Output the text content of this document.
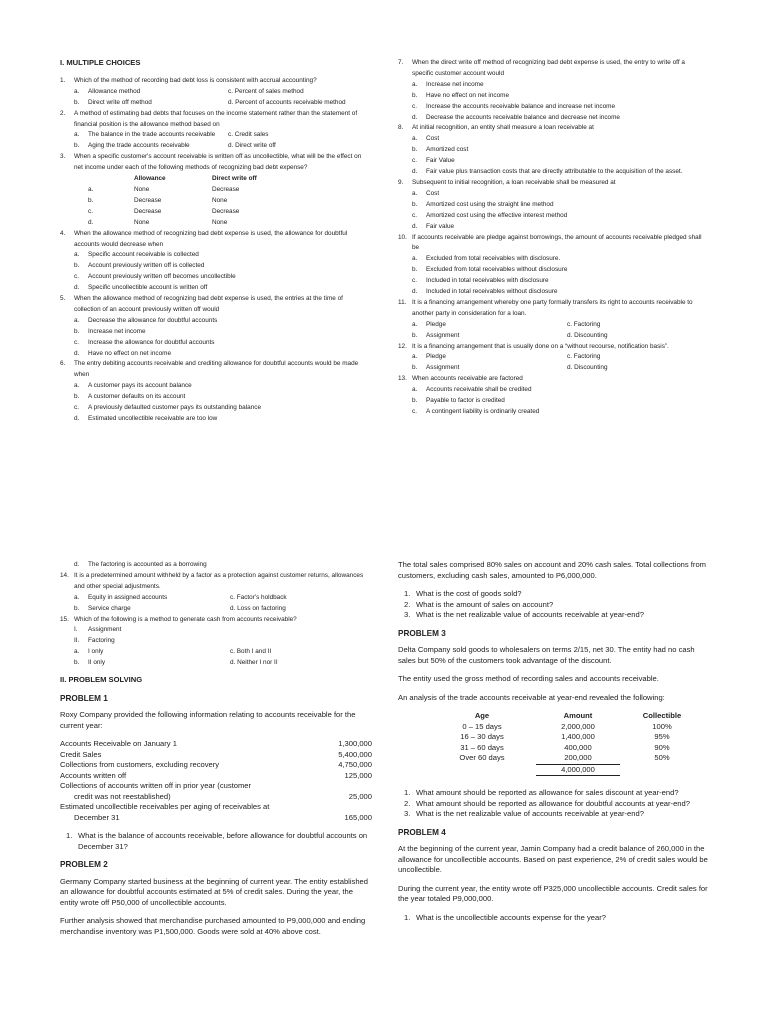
I. MULTIPLE CHOICES
1.	Which of the method of recording bad debt loss is consistent with accrual accounting?
a.	Allowance method	c. Percent of sales method
b.	Direct write off method	d. Percent of accounts receivable method
2.	A method of estimating bad debts that focuses on the income statement rather than the statement of financial position is the allowance method based on
a.	The balance in the trade accounts receivable	c. Credit sales
b.	Aging the trade accounts receivable	d. Direct write off
3.	When a specific customer's account receivable is written off as uncollectible, what will be the effect on net income under each of the following methods of recognizing bad debt expense?
Allowance	Direct write off
a.	None	Decrease
b.	Decrease	None
c.	Decrease	Decrease
d.	None	None
4.	When the allowance method of recognizing bad debt expense is used, the allowance for doubtful accounts would decrease when
a.	Specific account receivable is collected
b.	Account previously written off is collected
c.	Account previously written off becomes uncollectible
d.	Specific uncollectible account is written off
5.	When the allowance method of recognizing bad debt expense is used, the entries at the time of collection of an account previously written off would
a.	Decrease the allowance for doubtful accounts
b.	Increase net income
c.	Increase the allowance for doubtful accounts
d.	Have no effect on net income
6.	The entry debiting accounts receivable and crediting allowance for doubtful accounts would be made when
a.	A customer pays its account balance
b.	A customer defaults on its account
c.	A previously defaulted customer pays its outstanding balance
d.	Estimated uncollectible receivable are too low
7.	When the direct write off method of recognizing bad debt expense is used, the entry to write off a specific customer account would
a.	Increase net income
b.	Have no effect on net income
c.	Increase the accounts receivable balance and increase net income
d.	Decrease the accounts receivable balance and decrease net income
8.	At initial recognition, an entity shall measure a loan receivable at
a.	Cost
b.	Amortized cost
c.	Fair Value
d.	Fair value plus transaction costs that are directly attributable to the acquisition of the asset.
9.	Subsequent to initial recognition, a loan receivable shall be measured at
a.	Cost
b.	Amortized cost using the straight line method
c.	Amortized cost using the effective interest method
d.	Fair value
10. If accounts receivable are pledge against borrowings, the amount of accounts receivable pledged shall be
a.	Excluded from total receivables with disclosure.
b.	Excluded from total receivables without disclosure
c.	Included in total receivables with disclosure
d.	Included in total receivables without disclosure
11. It is a financing arrangement whereby one party formally transfers its right to accounts receivable to another party in consideration for a loan.
a.	Pledge	c. Factoring
b.	Assignment	d. Discounting
12. It is a financing arrangement that is usually done on a “without recourse, notification basis”.
a.	Pledge	c. Factoring
b.	Assignment	d. Discounting
13. When accounts receivable are factored
a.	Accounts receivable shall be credited
b.	Payable to factor is credited
c.	A contingent liability is ordinarily created
d.	The factoring is accounted as a borrowing
14. It is a predetermined amount withheld by a factor as a protection against customer returns, allowances and other special adjustments.
a.	Equity in assigned accounts	c. Factor's holdback
b.	Service charge	d. Loss on factoring
15. Which of the following is a method to generate cash from accounts receivable?
I.	Assignment
II.	Factoring
a.	I only	c. Both I and II
b.	II only	d. Neither I nor II
II. PROBLEM SOLVING
PROBLEM 1

Roxy Company provided the following information relating to accounts receivable for the current year:

Accounts Receivable on January 1	1,300,000
Credit Sales	5,400,000
Collections from customers, excluding recovery	4,750,000
Accounts written off	125,000
Collections of accounts written off in prior year (customer
credit was not reestablished)	25,000
Estimated uncollectible receivables per aging of receivables at
December 31	165,000
1. What is the balance of accounts receivable, before allowance for doubtful accounts on December 31?
PROBLEM 2

Germany Company started business at the beginning of current year. The entity established an allowance for doubtful accounts estimated at 5% of credit sales. During the year, the entity wrote off P50,000 of uncollectible accounts.

Further analysis showed that merchandise purchased amounted to P9,000,000 and ending merchandise inventory was P1,500,000. Goods were sold at 40% above cost.

The total sales comprised 80% sales on account and 20% cash sales. Total collections from customers, excluding cash sales, amounted to P6,000,000.

1. What is the cost of goods sold?
2. What is the amount of sales on account?
3. What is the net realizable value of accounts receivable at year-end?
PROBLEM 3

Delta Company sold goods to wholesalers on terms 2/15, net 30. The entity had no cash sales but 50% of the customers took advantage of the discount.

The entity used the gross method of recording sales and accounts receivable.

An analysis of the trade accounts receivable at year-end revealed the following:

Age	Amount	Collectible
0 – 15 days	2,000,000	100%
16 – 30 days	1,400,000	95%
31 – 60 days	400,000	90%
Over 60 days	200,000	50%
4,000,000
1. What amount should be reported as allowance for sales discount at year-end?
2. What amount should be reported as allowance for doubtful accounts at year-end?
3. What is the net realizable value of accounts receivable at year-end?
PROBLEM 4

At the beginning of the current year, Jamin Company had a credit balance of 260,000 in the allowance for uncollectible accounts. Based on past experience, 2% of credit sales would be uncollectible.

During the current year, the entity wrote off P325,000 uncollectible accounts. Credit sales for the year totaled P9,000,000.

1. What is the uncollectible accounts expense for the year?
